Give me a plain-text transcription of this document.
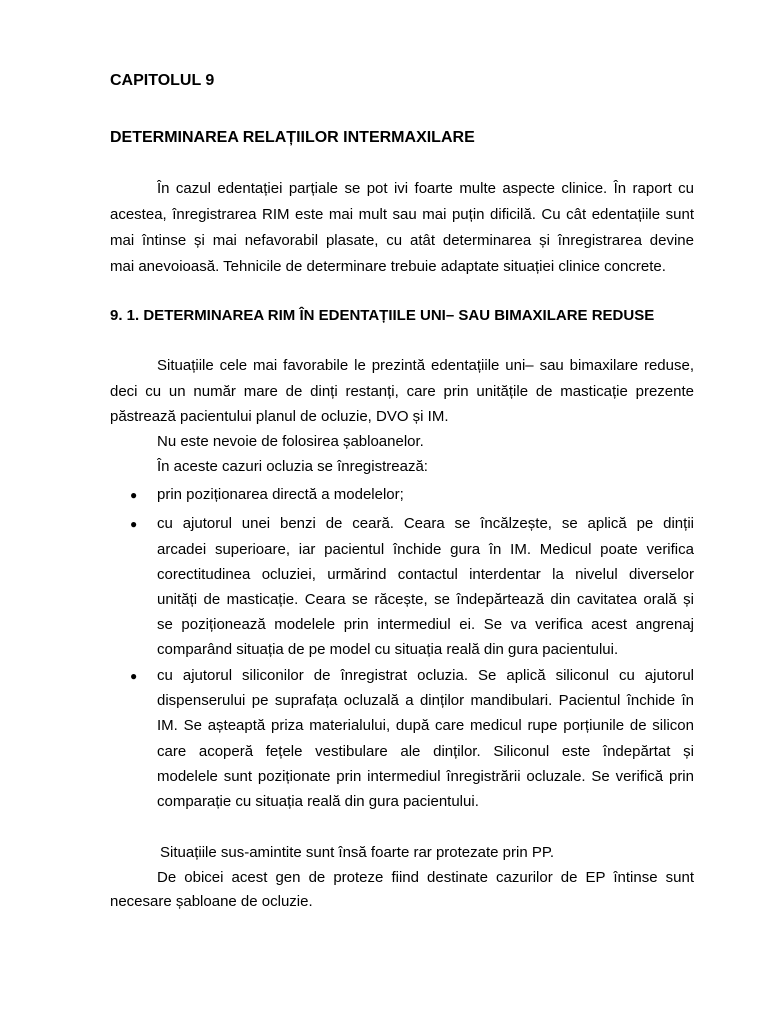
CAPITOLUL 9
DETERMINAREA RELAȚIILOR INTERMAXILARE
În cazul edentației parțiale se pot ivi foarte multe aspecte clinice. În raport cu
acestea, înregistrarea RIM este mai mult sau mai puțin dificilă. Cu cât edentațiile sunt
mai întinse și mai nefavorabil plasate, cu atât determinarea și înregistrarea devine
mai anevoioasă. Tehnicile de determinare trebuie adaptate situației clinice concrete.
9. 1. DETERMINAREA RIM ÎN EDENTAȚIILE UNI– SAU BIMAXILARE REDUSE
Situațiile cele mai favorabile le prezintă edentațiile uni– sau bimaxilare reduse,
deci cu un număr mare de dinți restanți, care prin unitățile de masticație prezente
păstrează pacientului planul de ocluzie, DVO și IM.
Nu este nevoie de folosirea șabloanelor.
În aceste cazuri ocluzia se înregistrează:
● prin poziționarea directă a modelelor;
● cu ajutorul unei benzi de ceară. Ceara se încălzește, se aplică pe dinții
arcadei superioare, iar pacientul închide gura în IM. Medicul poate verifica
corectitudinea ocluziei, urmărind contactul interdentar la nivelul diverselor
unități de masticație. Ceara se răcește, se îndepărtează din cavitatea orală și
se poziționează modelele prin intermediul ei. Se va verifica acest angrenaj
comparând situația de pe model cu situația reală din gura pacientului.
● cu ajutorul siliconilor de înregistrat ocluzia. Se aplică siliconul cu ajutorul
dispenserului pe suprafața ocluzală a dinților mandibulari. Pacientul închide în
IM. Se așteaptă priza materialului, după care medicul rupe porțiunile de silicon
care acoperă fețele vestibulare ale dinților. Siliconul este îndepărtat și
modelele sunt poziționate prin intermediul înregistrării ocluzale. Se verifică prin
comparație cu situația reală din gura pacientului.
Situațiile sus-amintite sunt însă foarte rar protezate prin PP.
De obicei acest gen de proteze fiind destinate cazurilor de EP întinse sunt
necesare șabloane de ocluzie.
